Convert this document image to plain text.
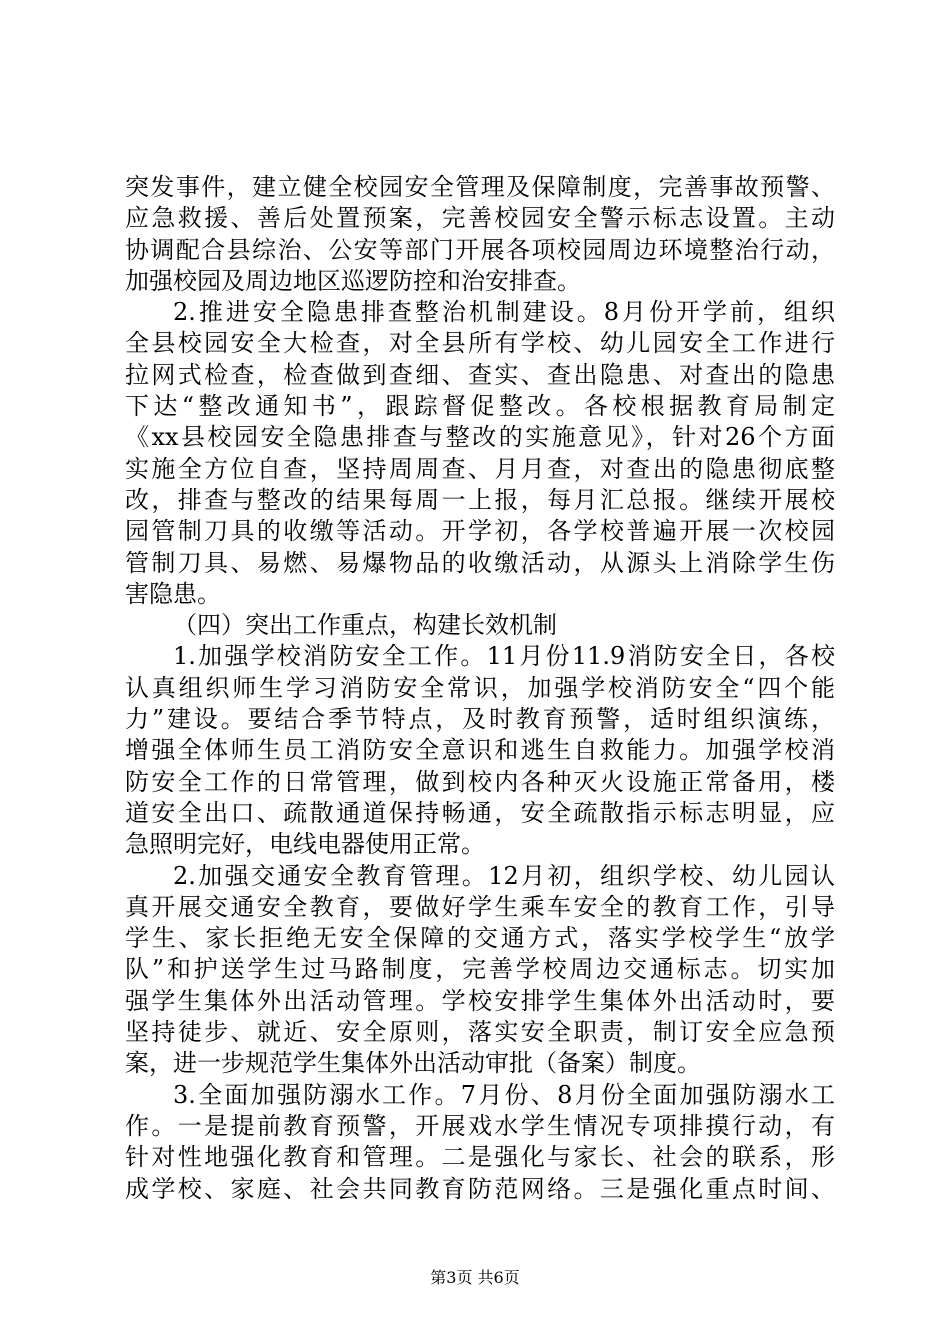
突发事件，建立健全校园安全管理及保障制度，完善事故预警、
应急救援、善后处置预案，完善校园安全警示标志设置。主动
协调配合县综治、公安等部门开展各项校园周边环境整治行动，
加强校园及周边地区巡逻防控和治安排查。
2.推进安全隐患排查整治机制建设。8月份开学前，组织
全县校园安全大检查，对全县所有学校、幼儿园安全工作进行
拉网式检查，检查做到查细、查实、查出隐患、对查出的隐患
下达“整改通知书”，跟踪督促整改。各校根据教育局制定
《xx县校园安全隐患排查与整改的实施意见》，针对26个方面
实施全方位自查，坚持周周查、月月查，对查出的隐患彻底整
改，排查与整改的结果每周一上报，每月汇总报。继续开展校
园管制刀具的收缴等活动。开学初，各学校普遍开展一次校园
管制刀具、易燃、易爆物品的收缴活动，从源头上消除学生伤
害隐患。
（四）突出工作重点，构建长效机制
1.加强学校消防安全工作。11月份11.9消防安全日，各校
认真组织师生学习消防安全常识，加强学校消防安全“四个能
力”建设。要结合季节特点，及时教育预警，适时组织演练，
增强全体师生员工消防安全意识和逃生自救能力。加强学校消
防安全工作的日常管理，做到校内各种灭火设施正常备用，楼
道安全出口、疏散通道保持畅通，安全疏散指示标志明显，应
急照明完好，电线电器使用正常。
2.加强交通安全教育管理。12月初，组织学校、幼儿园认
真开展交通安全教育，要做好学生乘车安全的教育工作，引导
学生、家长拒绝无安全保障的交通方式，落实学校学生“放学
队”和护送学生过马路制度，完善学校周边交通标志。切实加
强学生集体外出活动管理。学校安排学生集体外出活动时，要
坚持徒步、就近、安全原则，落实安全职责，制订安全应急预
案，进一步规范学生集体外出活动审批（备案）制度。
3.全面加强防溺水工作。7月份、8月份全面加强防溺水工
作。一是提前教育预警，开展戏水学生情况专项排摸行动，有
针对性地强化教育和管理。二是强化与家长、社会的联系，形
成学校、家庭、社会共同教育防范网络。三是强化重点时间、
第3页 共6页
